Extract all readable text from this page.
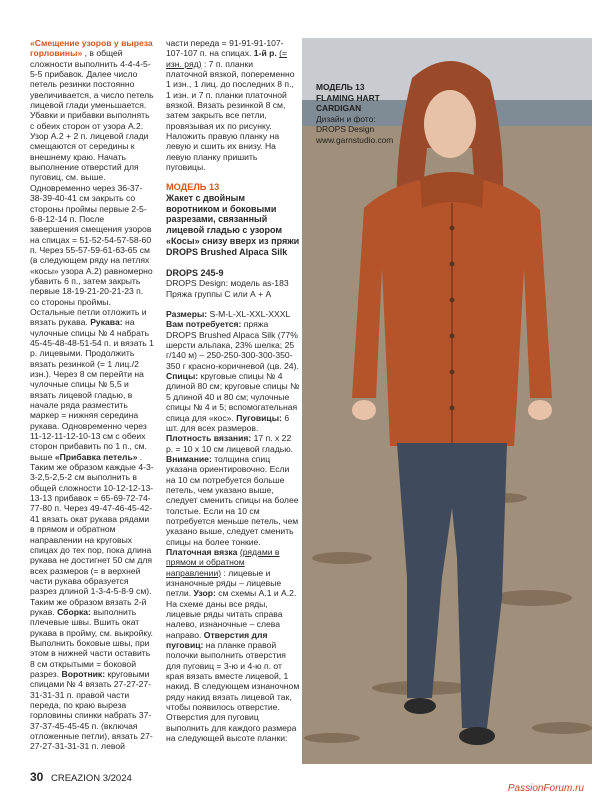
«Смещение узоров у выреза горловины» , в общей сложности выполнить 4-4-4-5-5-5 прибавок. Далее число петель резинки постоянно увеличивается, а число петель лицевой глади уменьшается. Убавки и прибавки выполнять с обеих сторон от узора А.2. Узор А.2 + 2 п. лицевой глади смещаются от середины к внешнему краю. Начать выполнение отверстий для пуговиц, см. выше. Одновременно через 36-37-38-39-40-41 см закрыть со стороны проймы первые 2-5-6-8-12-14 п. После завершения смещения узоров на спицах = 51-52-54-57-58-60 п. Через 55-57-59-61-63-65 см (в следующем ряду на петлях «косы» узора А.2) равномерно убавить 6 п., затем закрыть первые 18-19-21-20-21-23 п. со стороны проймы. Остальные петли отложить и вязать рукава. Рукава: на чулочные спицы № 4 набрать 45-45-48-48-51-54 п. и вязать 1 р. лицевыми. Продолжить вязать резинкой (= 1 лиц./2 изн.). Через 8 см перейти на чулочные спицы № 5,5 и вязать лицевой гладью, в начале ряда разместить маркер = нижняя середина рукава. Одновременно через 11-12-11-12-10-13 см с обеих сторон прибавить по 1 п., см. выше «Прибавка петель» . Таким же образом каждые 4-3-3-2,5-2,5-2 см выполнить в общей сложности 10-12-12-13-13-13 прибавок = 65-69-72-74-77-80 п. Через 49-47-46-45-42-41 вязать окат рукава рядами в прямом и обратном направлении на круговых спицах до тех пор, пока длина рукава не достигнет 50 см для всех размеров (= в верхней части рукава образуется разрез длиной 1-3-4-5-8-9 см). Таким же образом вязать 2-й рукав. Сборка: выполнить плечевые швы. Вшить окат рукава в пройму, см. выкройку. Выполнить боковые швы, при этом в нижней части оставить 8 см открытыми = боковой разрез. Воротник: круговыми спицами № 4 вязать 27-27-27-31-31-31 п. правой части переда, по краю выреза горловины спинки набрать 37-37-37-45-45-45 п. (включая отложенные петли), вязать 27-27-27-31-31-31 п. левой

части переда = 91-91-91-107-107-107 п. на спицах. 1-й р. (= изн. ряд) : 7 п. планки платочной вязкой, попеременно 1 изн., 1 лиц. до последних 8 п., 1 изн. и 7 п. планки платочной вязкой. Вязать резинкой 8 см, затем закрыть все петли, провязывая их по рисунку. Наложить правую планку на левую и сшить их внизу. На левую планку пришить пуговицы.

МОДЕЛЬ 13
Жакет с двойным воротником и боковыми разрезами, связанный лицевой гладью с узором «Косы» снизу вверх из пряжи DROPS Brushed Alpaca Silk
DROPS 245-9
DROPS Design: модель as-183
Пряжа группы С или А + А

Размеры: S-M-L-XL-XXL-XXXL Вам потребуется: пряжа DROPS Brushed Alpaca Silk (77% шерсти альпака, 23% шелка; 25 г/140 м) – 250-250-300-300-350-350 г красно-коричневой (цв. 24). Спицы: круговые спицы № 4 длиной 80 см; круговые спицы № 5 длиной 40 и 80 см; чулочные спицы № 4 и 5; вспомогательная спица для «кос». Пуговицы: 6 шт. для всех размеров. Плотность вязания: 17 п. х 22 р. = 10 х 10 см лицевой гладью. Внимание: толщина спиц указана ориентировочно. Если на 10 см потребуется больше петель, чем указано выше, следует сменить спицы на более толстые. Если на 10 см потребуется меньше петель, чем указано выше, следует сменить спицы на более тонкие. Платочная вязка (рядами в прямом и обратном направлении) : лицевые и изнаночные ряды – лицевые петли. Узор: см схемы А.1 и А.2. На схеме даны все ряды, лицевые ряды читать справа налево, изнаночные – слева направо. Отверстия для пуговиц: на планке правой полочки выполнить отверстия для пуговиц = 3-ю и 4-ю п. от края вязать вместе лицевой, 1 накид. В следующем изнаночном ряду накид вязать лицевой так, чтобы появилось отверстие. Отверстия для пуговиц выполнить для каждого размера на следующей высоте планки:

МОДЕЛЬ 13
FLAMING HART
CARDIGAN
Дизайн и фото:
DROPS Design
www.garnstudio.com
30 CREAZION 3/2024
PassionForum.ru
